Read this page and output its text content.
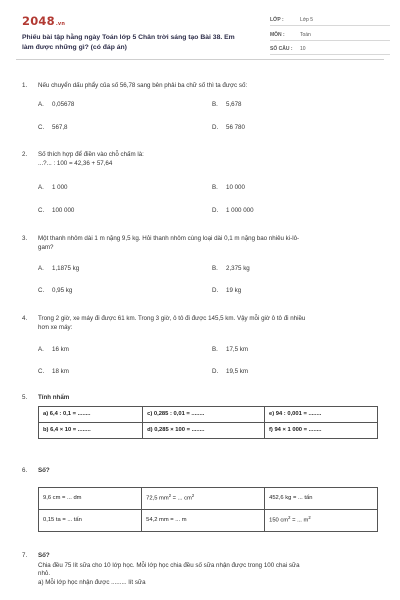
2048.vn
Phiếu bài tập hằng ngày Toán lớp 5 Chân trời sáng tạo Bài 38. Em làm được những gì? (có đáp án)
LỚP :	Lớp 5
MÔN :	Toán
SỐ CÂU : 10
1. Nếu chuyển dấu phẩy của số 56,78 sang bên phải ba chữ số thì ta được số:
A. 0,05678	B. 5,678
C. 567,8	D. 56 780
2. Số thích hợp để điền vào chỗ chấm là:
...?... : 100 = 42,36 + 57,64
A. 1 000	B. 10 000
C. 100 000	D. 1 000 000
3. Một thanh nhôm dài 1 m nặng 9,5 kg. Hỏi thanh nhôm cùng loại dài 0,1 m nặng bao nhiêu ki-lô-
gam?
A. 1,1875 kg	B. 2,375 kg
C. 0,95 kg	D. 19 kg
4. Trong 2 giờ, xe máy đi được 61 km. Trong 3 giờ, ô tô đi được 145,5 km. Vậy mỗi giờ ô tô đi nhiều
hơn xe máy:
A. 16 km	B. 17,5 km
C. 18 km	D. 19,5 km
5. Tính nhẩm
a) 6,4 : 0,1 = ........	c) 0,285 : 0,01 = ........	e) 94 : 0,001 = ........
b) 6,4 × 10 = ........	d) 0,285 × 100 = ........	f) 94 × 1 000 = ........
6. Số?
9,6 cm = ... dm	72,5 $mm^2$ = ... $cm^2$	452,6 kg = ... tấn
0,15 ta = ... tấn	54,2 mm = ... m	150 $cm^2$ = ... $m^2$
7. Số?
Chia đều 75 lít sữa cho 10 lớp học. Mỗi lớp học chia đều số sữa nhận được trong 100 chai sữa
nhỏ.
a) Mỗi lớp học nhận được ......... lít sữa
